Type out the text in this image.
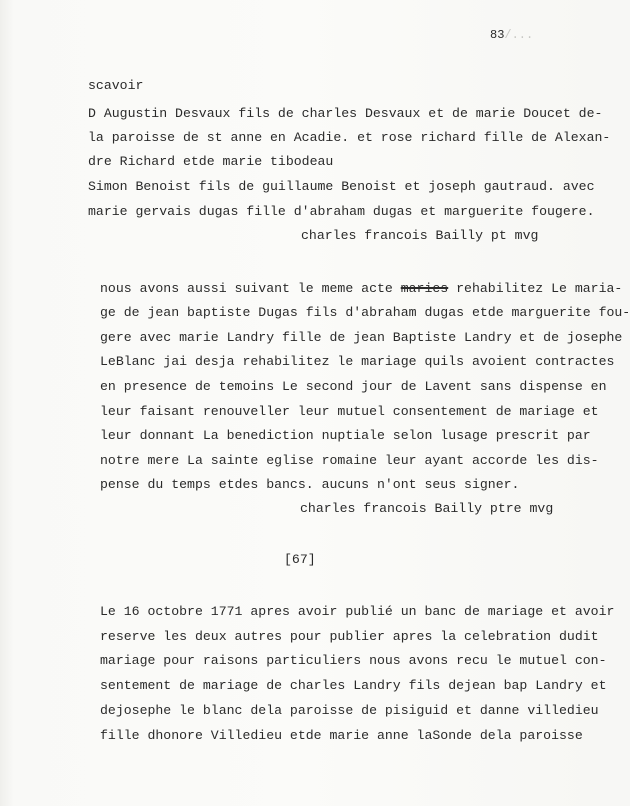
83/...
scavoir
D Augustin Desvaux fils de charles Desvaux et de marie Doucet de-
la paroisse de st anne en Acadie. et rose richard fille de Alexan-
dre Richard etde marie tibodeau
Simon Benoist fils de guillaume Benoist et joseph gautraud. avec
marie gervais dugas fille d'abraham dugas et marguerite fougere.
charles francois Bailly pt mvg
nous avons aussi suivant le meme acte maries rehabilitez Le maria-
ge de jean baptiste Dugas fils d'abraham dugas etde marguerite fou-
gere avec marie Landry fille de jean Baptiste Landry et de josephe
LeBlanc jai desja rehabilitez le mariage quils avoient contractes
en presence de temoins Le second jour de Lavent sans dispense en
leur faisant renouveller leur mutuel consentement de mariage et
leur donnant La benediction nuptiale selon lusage prescrit par
notre mere La sainte eglise romaine leur ayant accorde les dis-
pense du temps etdes bancs. aucuns n'ont seus signer.
charles francois Bailly ptre mvg
[67]
Le 16 octobre 1771 apres avoir publié un banc de mariage et avoir
reserve les deux autres pour publier apres la celebration dudit
mariage pour raisons particuliers nous avons recu le mutuel con-
sentement de mariage de charles Landry fils dejean bap Landry et
dejosephe le blanc dela paroisse de pisiguid et danne villedieu
fille dhonore Villedieu etde marie anne laSonde dela paroisse
